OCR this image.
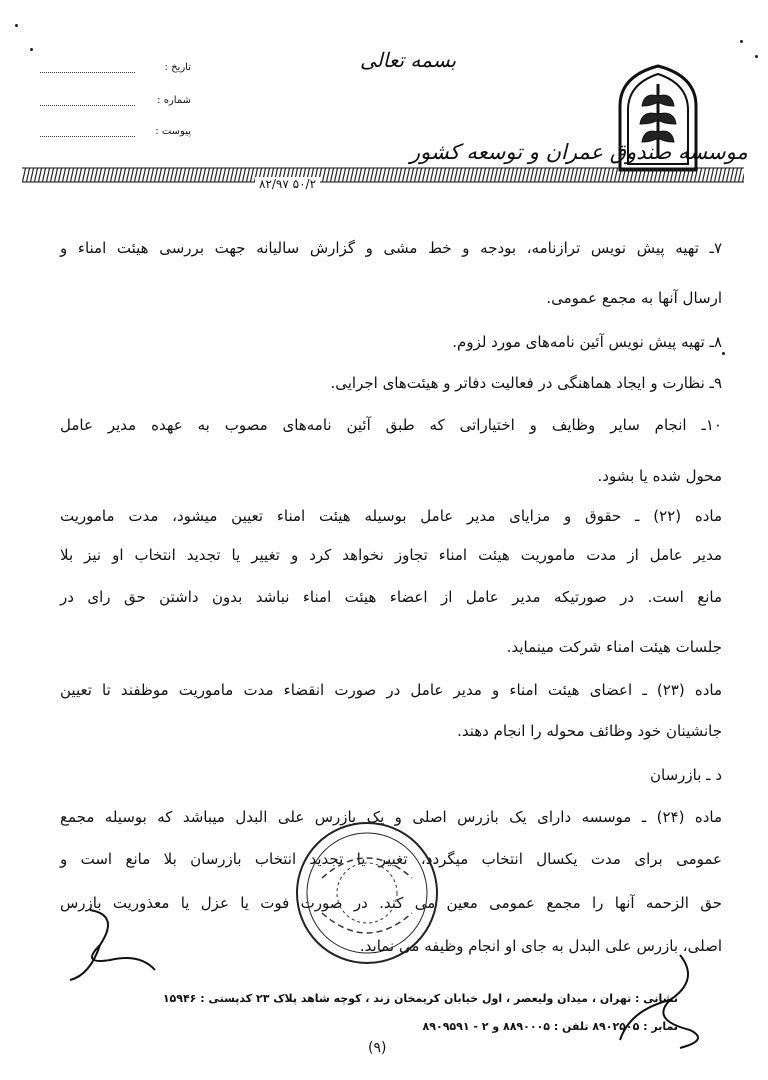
بسمه تعالی
موسسه صندوق عمران و توسعه کشور
تاریخ :
شماره :
پیوست :
۸۲/۹۷ ۵۰/۲
۷ـ تهیه پیش نویس ترازنامه، بودجه و خط مشی و گزارش سالیانه جهت بررسی هیئت امناء و
ارسال آنها به مجمع عمومی.
۸ـ تهیه پیش نویس آئین نامه‌های مورد لزوم.
۹ـ نظارت و ایجاد هماهنگی در فعالیت دفاتر و هیئت‌های اجرایی.
۱۰ـ انجام سایر وظایف و اختیاراتی که طبق آئین نامه‌های مصوب به عهده مدیر عامل
محول شده یا بشود.
ماده (۲۲) ـ حقوق و مزایای مدیر عامل بوسیله هیئت امناء تعیین میشود، مدت ماموریت
مدیر عامل از مدت ماموریت هیئت امناء تجاوز نخواهد کرد و تغییر یا تجدید انتخاب او نیز بلا
مانع است. در صورتیکه مدیر عامل از اعضاء هیئت امناء نباشد بدون داشتن حق رای در
جلسات هیئت امناء شرکت مینماید.
ماده (۲۳) ـ اعضای هیئت امناء و مدیر عامل در صورت انقضاء مدت ماموریت موظفند تا تعیین
جانشینان خود وظائف محوله را انجام دهند.
د ـ بازرسان
ماده (۲۴) ـ موسسه دارای یک بازرس اصلی و یک بازرس علی البدل میباشد که بوسیله مجمع
عمومی برای مدت یکسال انتخاب میگردد، تغییر یا تجدید انتخاب بازرسان بلا مانع است و
حق الزحمه آنها را مجمع عمومی معین می کند. در صورت فوت یا عزل یا معذوریت بازرس
اصلی، بازرس علی البدل به جای او انجام وظیفه می نماید.
نشانی : تهران ، میدان ولیعصر ، اول خیابان کریمخان زند ، کوچه شاهد پلاک ۲۳ کدپستی : ۱۵۹۴۶
نمابر : ۸۹۰۲۵۰۵ تلفن : ۸۸۹۰۰۰۵ و ۲ - ۸۹۰۹۵۹۱
(۹)
